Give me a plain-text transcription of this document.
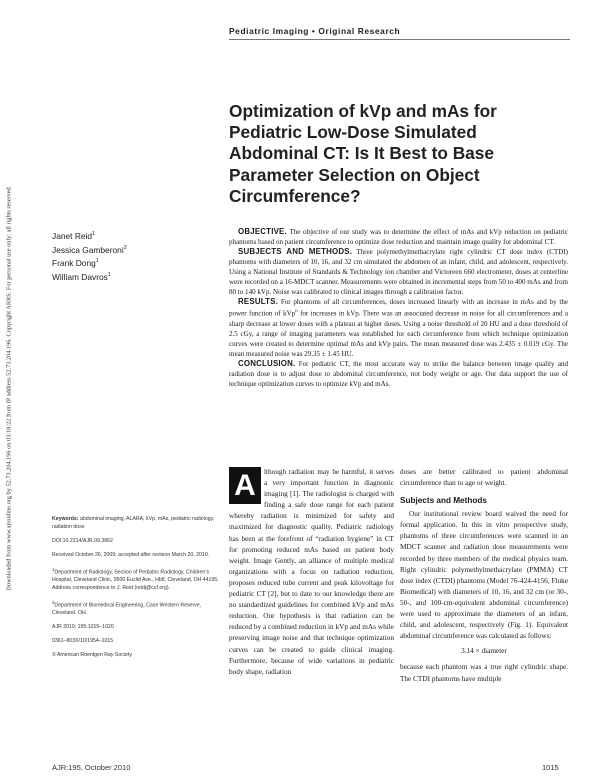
Downloaded from www.ajronline.org by 52.73.204.196 on 03/18/22 from IP address 52.73.204.196. Copyright ARRS. For personal use only; all rights reserved
Pediatric Imaging • Original Research
Optimization of kVp and mAs for Pediatric Low-Dose Simulated Abdominal CT: Is It Best to Base Parameter Selection on Object Circumference?
Janet Reid$^1$
Jessica Gamberoni$^2$
Frank Dong$^1$
William Davros$^1$

OBJECTIVE. The objective of our study was to determine the effect of mAs and kVp reduction on pediatric phantoms based on patient circumference to optimize dose reduction and maintain image quality for abdominal CT.

SUBJECTS AND METHODS. Three polymethylmethacrylate right cylindric CT dose index (CTDI) phantoms with diameters of 10, 16, and 32 cm simulated the abdomen of an infant, child, and adolescent, respectively. Using a National Institute of Standards & Technology ion chamber and Victoreen 660 electrometer, doses at centerline were recorded on a 16-MDCT scanner. Measurements were obtained in incremental steps from 50 to 400 mAs and from 80 to 140 kVp. Noise was calibrated to clinical images through a calibration factor.

RESULTS. For phantoms of all circumferences, doses increased linearly with an increase in mAs and by the power function of kVp$^n$ for increases in kVp. There was an associated decrease in noise for all circumferences and a sharp decrease at lower doses with a plateau at higher doses. Using a noise threshold of 20 HU and a dose threshold of 2.5 cGy, a range of imaging parameters was established for each circumference from which technique optimization curves were created to determine optimal mAs and kVp pairs. The mean measured dose was 2.435 ± 0.019 cGy. The mean measured noise was 29.35 ± 1.45 HU.

CONCLUSION. For pediatric CT, the most accurate way to strike the balance between image quality and radiation dose is to adjust dose to abdominal circumference, not body weight or age. Our data support the use of technique optimization curves to optimize kVp and mAs.

Keywords: abdominal imaging, ALARA, kVp, mAs, pediatric radiology, radiation dose
DOI:10.2214/AJR.09.3862
Received October 26, 2009; accepted after revision March 20, 2010.
$^1$Department of Radiology, Section of Pediatric Radiology, Children’s Hospital, Cleveland Clinic, 9500 Euclid Ave., Hb8, Cleveland, OH 44195. Address correspondence to J. Reid (reidj@ccf.org).
$^2$Department of Biomedical Engineering, Case Western Reserve, Cleveland, OH.
AJR 2010; 195:1015–1020
0361–803X/10/1954–1015
© American Roentgen Ray Society
A	lthough radiation may be harmful, it serves a very important function in diagnostic imaging [1]. The radiologist is charged with finding a safe dose range for each patient whereby radiation is minimized for safety and maximized for diagnostic quality. Pediatric radiology has been at the forefront of “radiation hygiene” in CT for promoting reduced mAs based on patient body weight. Image Gently, an alliance of multiple medical organizations with a focus on radiation reduction, proposes reduced tube current and peak kilovoltage for pediatric CT [2], but to date to our knowledge there are no standardized guidelines for combined kVp and mAs reduction. Our hypothesis is that radiation can be reduced by a combined reduction in kVp and mAs while preserving image noise and that technique optimization curves can be created to guide clinical imaging. Furthermore, because of wide variations in pediatric body shape, radiation

doses are better calibrated to patient abdominal circumference than to age or weight.

Subjects and Methods

Our institutional review board waived the need for formal application. In this in vitro prospective study, phantoms of three circumferences were scanned in an MDCT scanner and radiation dose measurements were recorded by three members of the medical physics team. Right cylindric polymethylmethacrylate (PMMA) CT dose index (CTDI) phantoms (Model 76-424-4156, Fluke Biomedical) with diameters of 10, 16, and 32 cm (or 30-, 50-, and 100-cm-equivalent abdominal circumference) were used to approximate the diameters of an infant, child, and adolescent, respectively (Fig. 1). Equivalent abdominal circumference was calculated as follows:

3.14 × diameter

because each phantom was a true right cylindric shape. The CTDI phantoms have multiple

AJR:195, October 2010	1015
